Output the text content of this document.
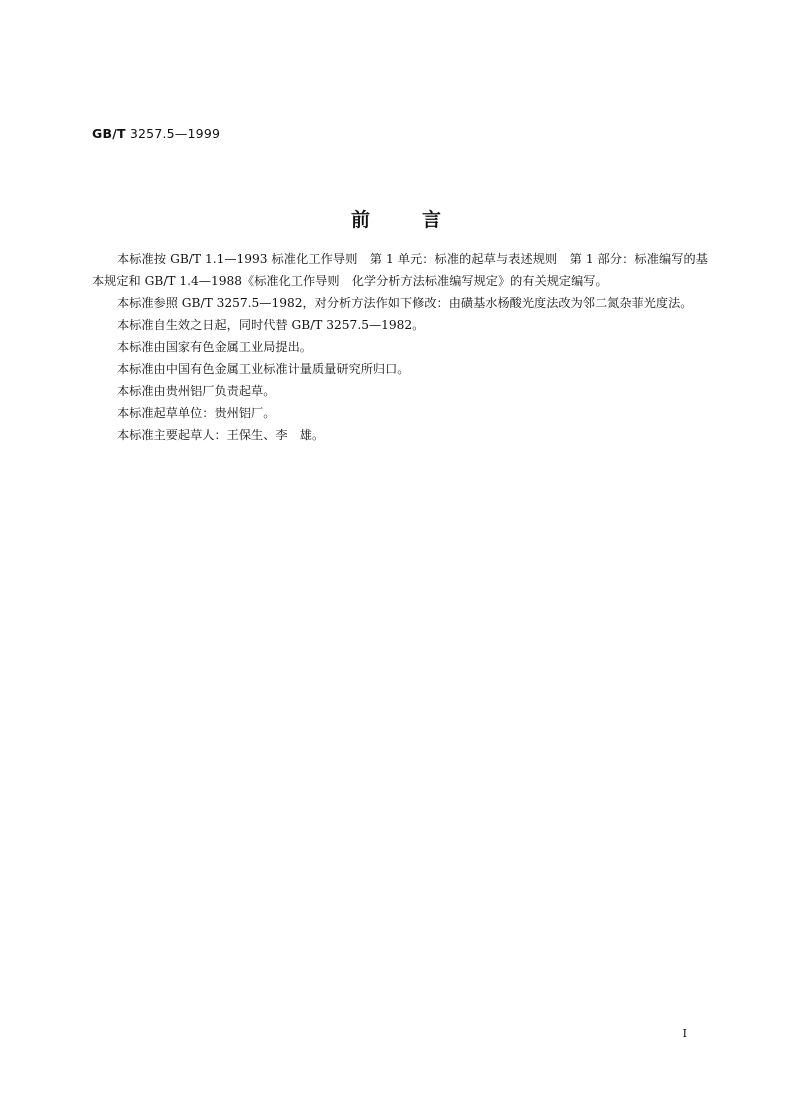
GB/T 3257.5—1999
前	言

本标准按 GB/T 1.1—1993 标准化工作导则　第 1 单元：标准的起草与表述规则　第 1 部分：标准编写的基本规定和 GB/T 1.4—1988《标准化工作导则　化学分析方法标准编写规定》的有关规定编写。

本标准参照 GB/T 3257.5—1982，对分析方法作如下修改：由磺基水杨酸光度法改为邻二氮杂菲光度法。

本标准自生效之日起，同时代替 GB/T 3257.5—1982。

本标准由国家有色金属工业局提出。

本标准由中国有色金属工业标准计量质量研究所归口。

本标准由贵州铝厂负责起草。

本标准起草单位：贵州铝厂。

本标准主要起草人：王保生、李　雄。

I
